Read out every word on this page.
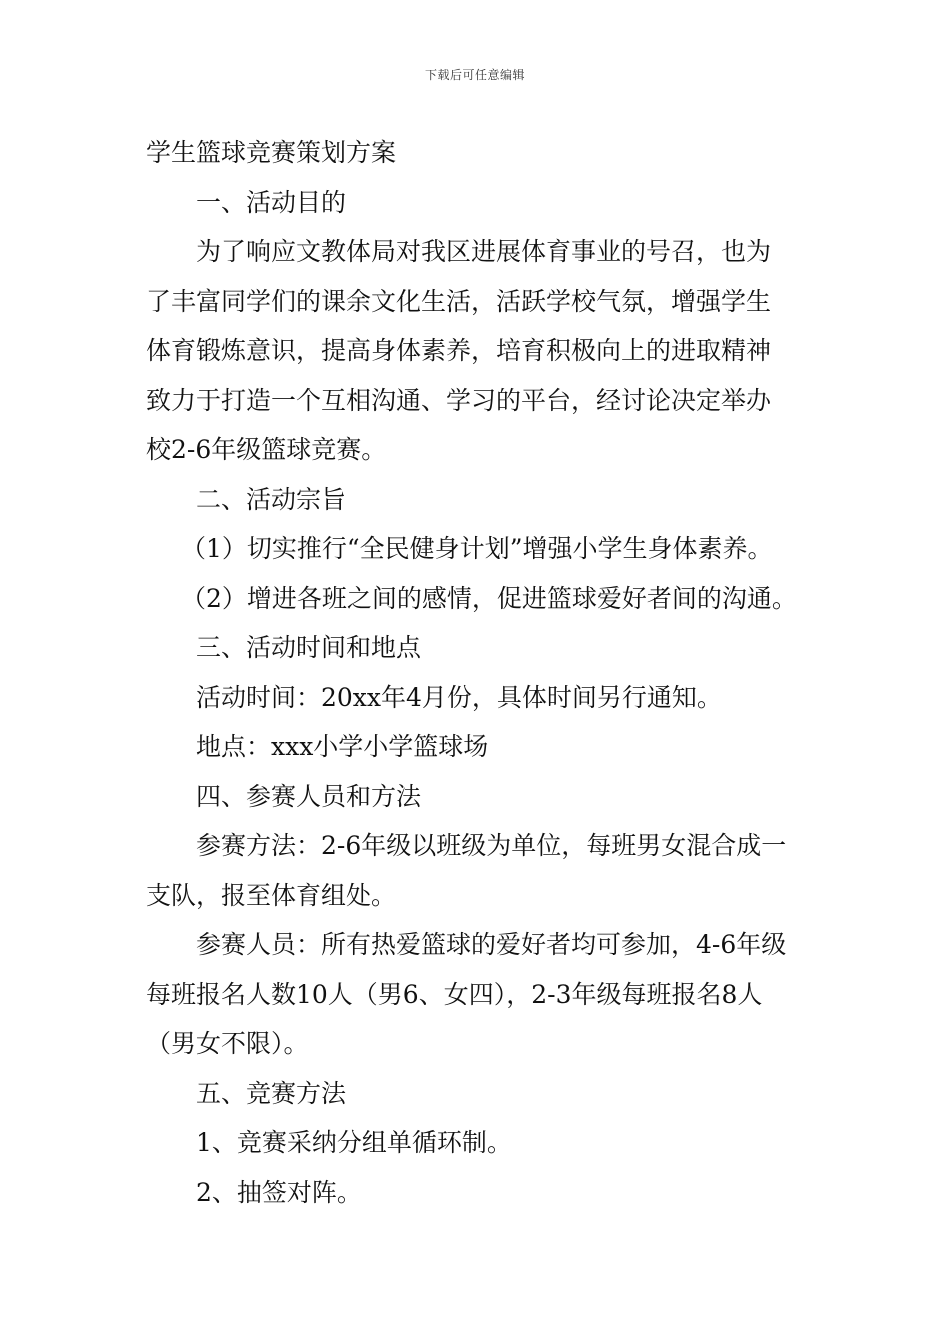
下载后可任意编辑
学生篮球竞赛策划方案
一、活动目的
为了响应文教体局对我区进展体育事业的号召，也为
了丰富同学们的课余文化生活，活跃学校气氛，增强学生
体育锻炼意识，提高身体素养，培育积极向上的进取精神
致力于打造一个互相沟通、学习的平台，经讨论决定举办
校2-6年级篮球竞赛。
二、活动宗旨
（1）切实推行“全民健身计划”增强小学生身体素养。
（2）增进各班之间的感情，促进篮球爱好者间的沟通。
三、活动时间和地点
活动时间：20xx年4月份，具体时间另行通知。
地点：xxx小学小学篮球场
四、参赛人员和方法
参赛方法：2-6年级以班级为单位，每班男女混合成一
支队，报至体育组处。
参赛人员：所有热爱篮球的爱好者均可参加，4-6年级
每班报名人数10人（男6、女四），2-3年级每班报名8人
（男女不限）。
五、竞赛方法
1、竞赛采纳分组单循环制。
2、抽签对阵。
